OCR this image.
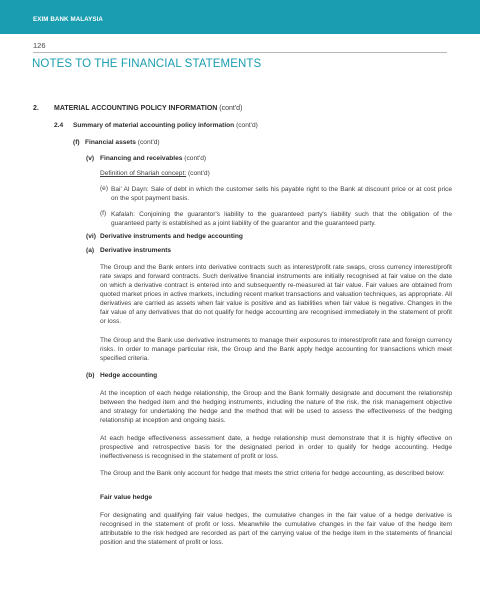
EXIM BANK MALAYSIA
126
NOTES TO THE FINANCIAL STATEMENTS
2. MATERIAL ACCOUNTING POLICY INFORMATION (cont'd)
2.4 Summary of material accounting policy information (cont'd)
(f) Financial assets (cont'd)
(v) Financing and receivables (cont'd)
Definition of Shariah concept: (cont'd)
(e) Bai' Al Dayn: Sale of debt in which the customer sells his payable right to the Bank at discount price or at cost price on the spot payment basis.
(f) Kafalah: Conjoining the guarantor's liability to the guaranteed party's liability such that the obligation of the guaranteed party is established as a joint liability of the guarantor and the guaranteed party.
(vi) Derivative instruments and hedge accounting
(a) Derivative instruments
The Group and the Bank enters into derivative contracts such as interest/profit rate swaps, cross currency interest/profit rate swaps and forward contracts. Such derivative financial instruments are initially recognised at fair value on the date on which a derivative contract is entered into and subsequently re-measured at fair value. Fair values are obtained from quoted market prices in active markets, including recent market transactions and valuation techniques, as appropriate. All derivatives are carried as assets when fair value is positive and as liabilities when fair value is negative. Changes in the fair value of any derivatives that do not qualify for hedge accounting are recognised immediately in the statement of profit or loss.
The Group and the Bank use derivative instruments to manage their exposures to interest/profit rate and foreign currency risks. In order to manage particular risk, the Group and the Bank apply hedge accounting for transactions which meet specified criteria.
(b) Hedge accounting
At the inception of each hedge relationship, the Group and the Bank formally designate and document the relationship between the hedged item and the hedging instruments, including the nature of the risk, the risk management objective and strategy for undertaking the hedge and the method that will be used to assess the effectiveness of the hedging relationship at inception and ongoing basis.
At each hedge effectiveness assessment date, a hedge relationship must demonstrate that it is highly effective on prospective and retrospective basis for the designated period in order to qualify for hedge accounting. Hedge ineffectiveness is recognised in the statement of profit or loss.
The Group and the Bank only account for hedge that meets the strict criteria for hedge accounting, as described below:
Fair value hedge
For designating and qualifying fair value hedges, the cumulative changes in the fair value of a hedge derivative is recognised in the statement of profit or loss. Meanwhile the cumulative changes in the fair value of the hedge item attributable to the risk hedged are recorded as part of the carrying value of the hedge item in the statements of financial position and the statement of profit or loss.
